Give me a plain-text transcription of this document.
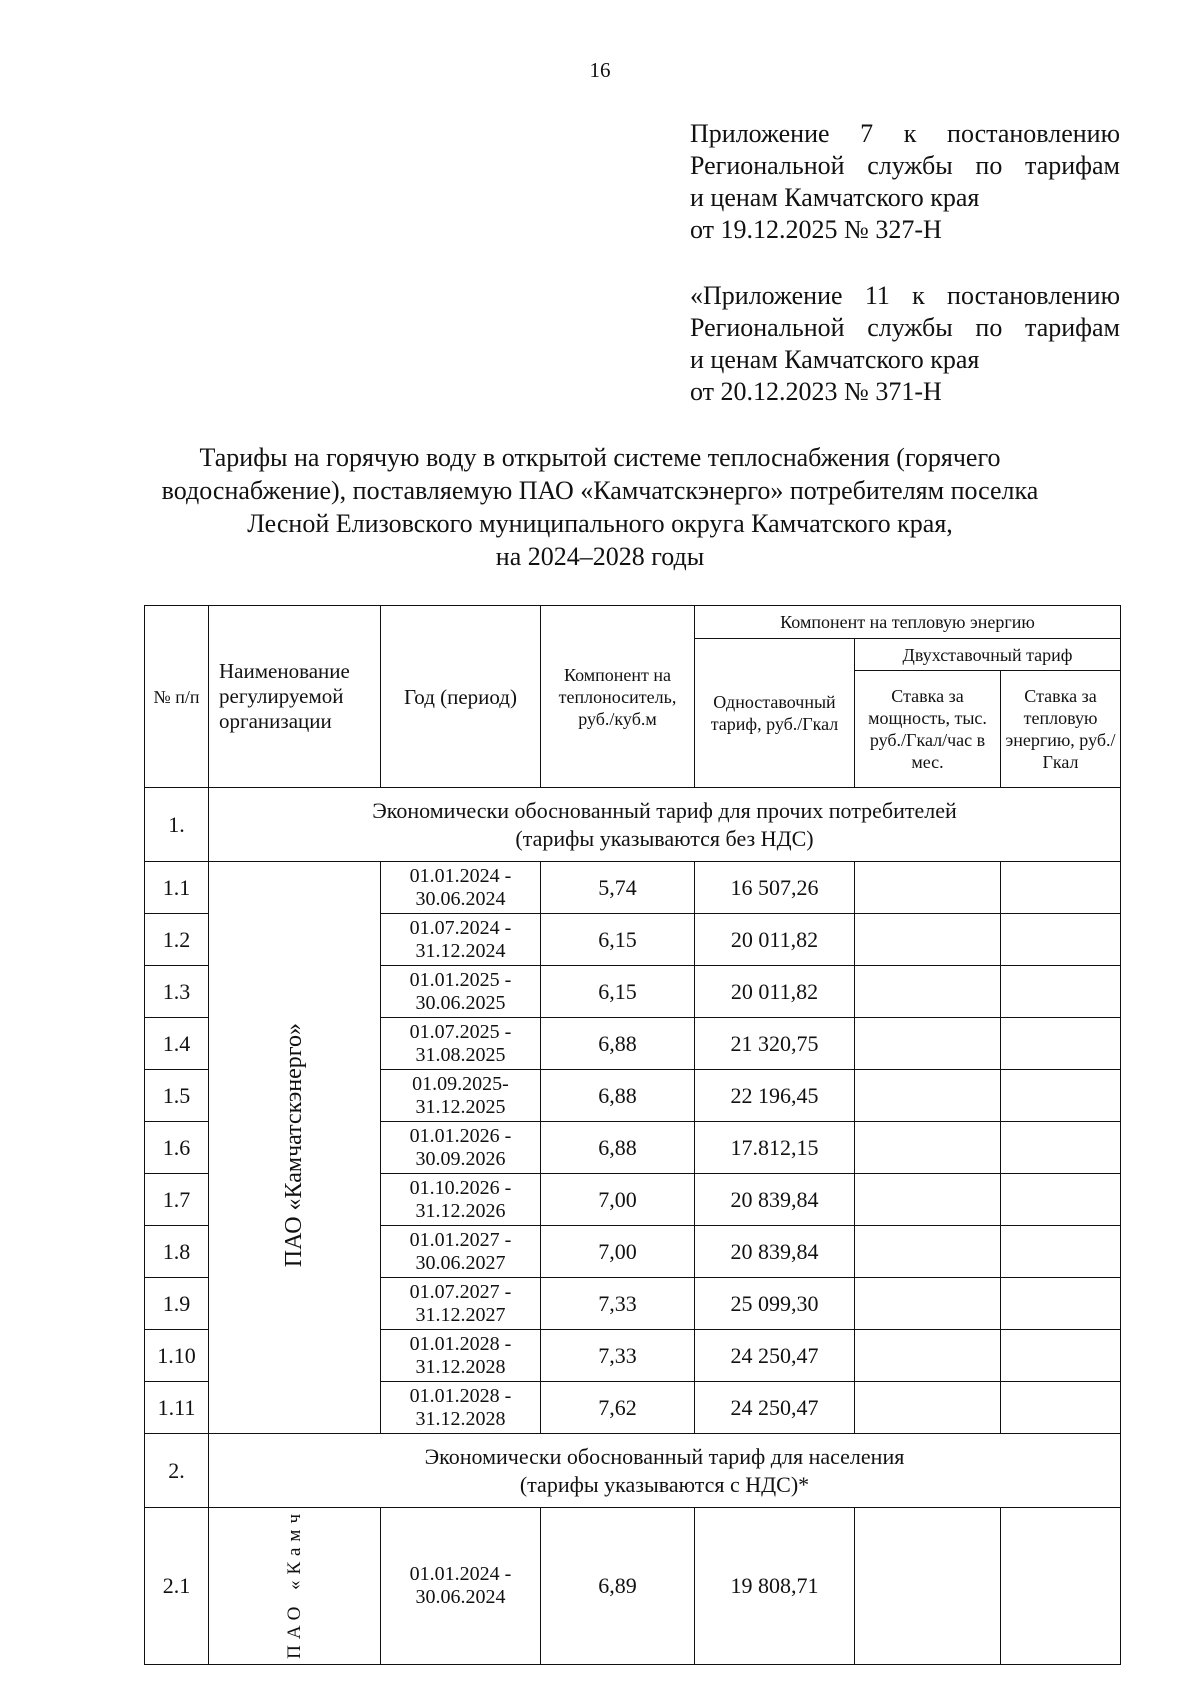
16
Приложение 7 к постановлению
Региональной службы по тарифам
и ценам Камчатского края
от 19.12.2025 № 327-Н
«Приложение 11 к постановлению
Региональной службы по тарифам
и ценам Камчатского края
от 20.12.2023 № 371-Н
Тарифы на горячую воду в открытой системе теплоснабжения (горячего
водоснабжение), поставляемую ПАО «Камчатскэнерго» потребителям поселка
Лесной Елизовского муниципального округа Камчатского края,
на 2024–2028 годы
№ п/п	Наименование регулируемой организации	Год (период)	Компонент на теплоноситель, руб./куб.м	Компонент на тепловую энергию		
				Одноставочный тариф, руб./Гкал	Двухставочный тариф	
					Ставка за мощность, тыс. руб./Гкал/час в мес.	Ставка за тепловую энергию, руб./Гкал
1.	Экономически обоснованный тариф для прочих потребителей
(тарифы указываются без НДС)					

1.1	ПАО «Камчатскэнерго»	01.01.2024 -
30.06.2024	5,74	16 507,26		
1.2		01.07.2024 -
31.12.2024	6,15	20 011,82		
1.3		01.01.2025 -
30.06.2025	6,15	20 011,82		
1.4		01.07.2025 -
31.08.2025	6,88	21 320,75		
1.5		01.09.2025-
31.12.2025	6,88	22 196,45		
1.6		01.01.2026 -
30.09.2026	6,88	17.812,15		
1.7		01.10.2026 -
31.12.2026	7,00	20 839,84		
1.8		01.01.2027 -
30.06.2027	7,00	20 839,84		
1.9		01.07.2027 -
31.12.2027	7,33	25 099,30		
1.10		01.01.2028 -
31.12.2028	7,33	24 250,47		
1.11		01.01.2028 -
31.12.2028	7,62	24 250,47		
2.	Экономически обоснованный тариф для населения
(тарифы указываются с НДС)*					

2.1	ПАО «Камч	01.01.2024 -
30.06.2024	6,89	19 808,71		
